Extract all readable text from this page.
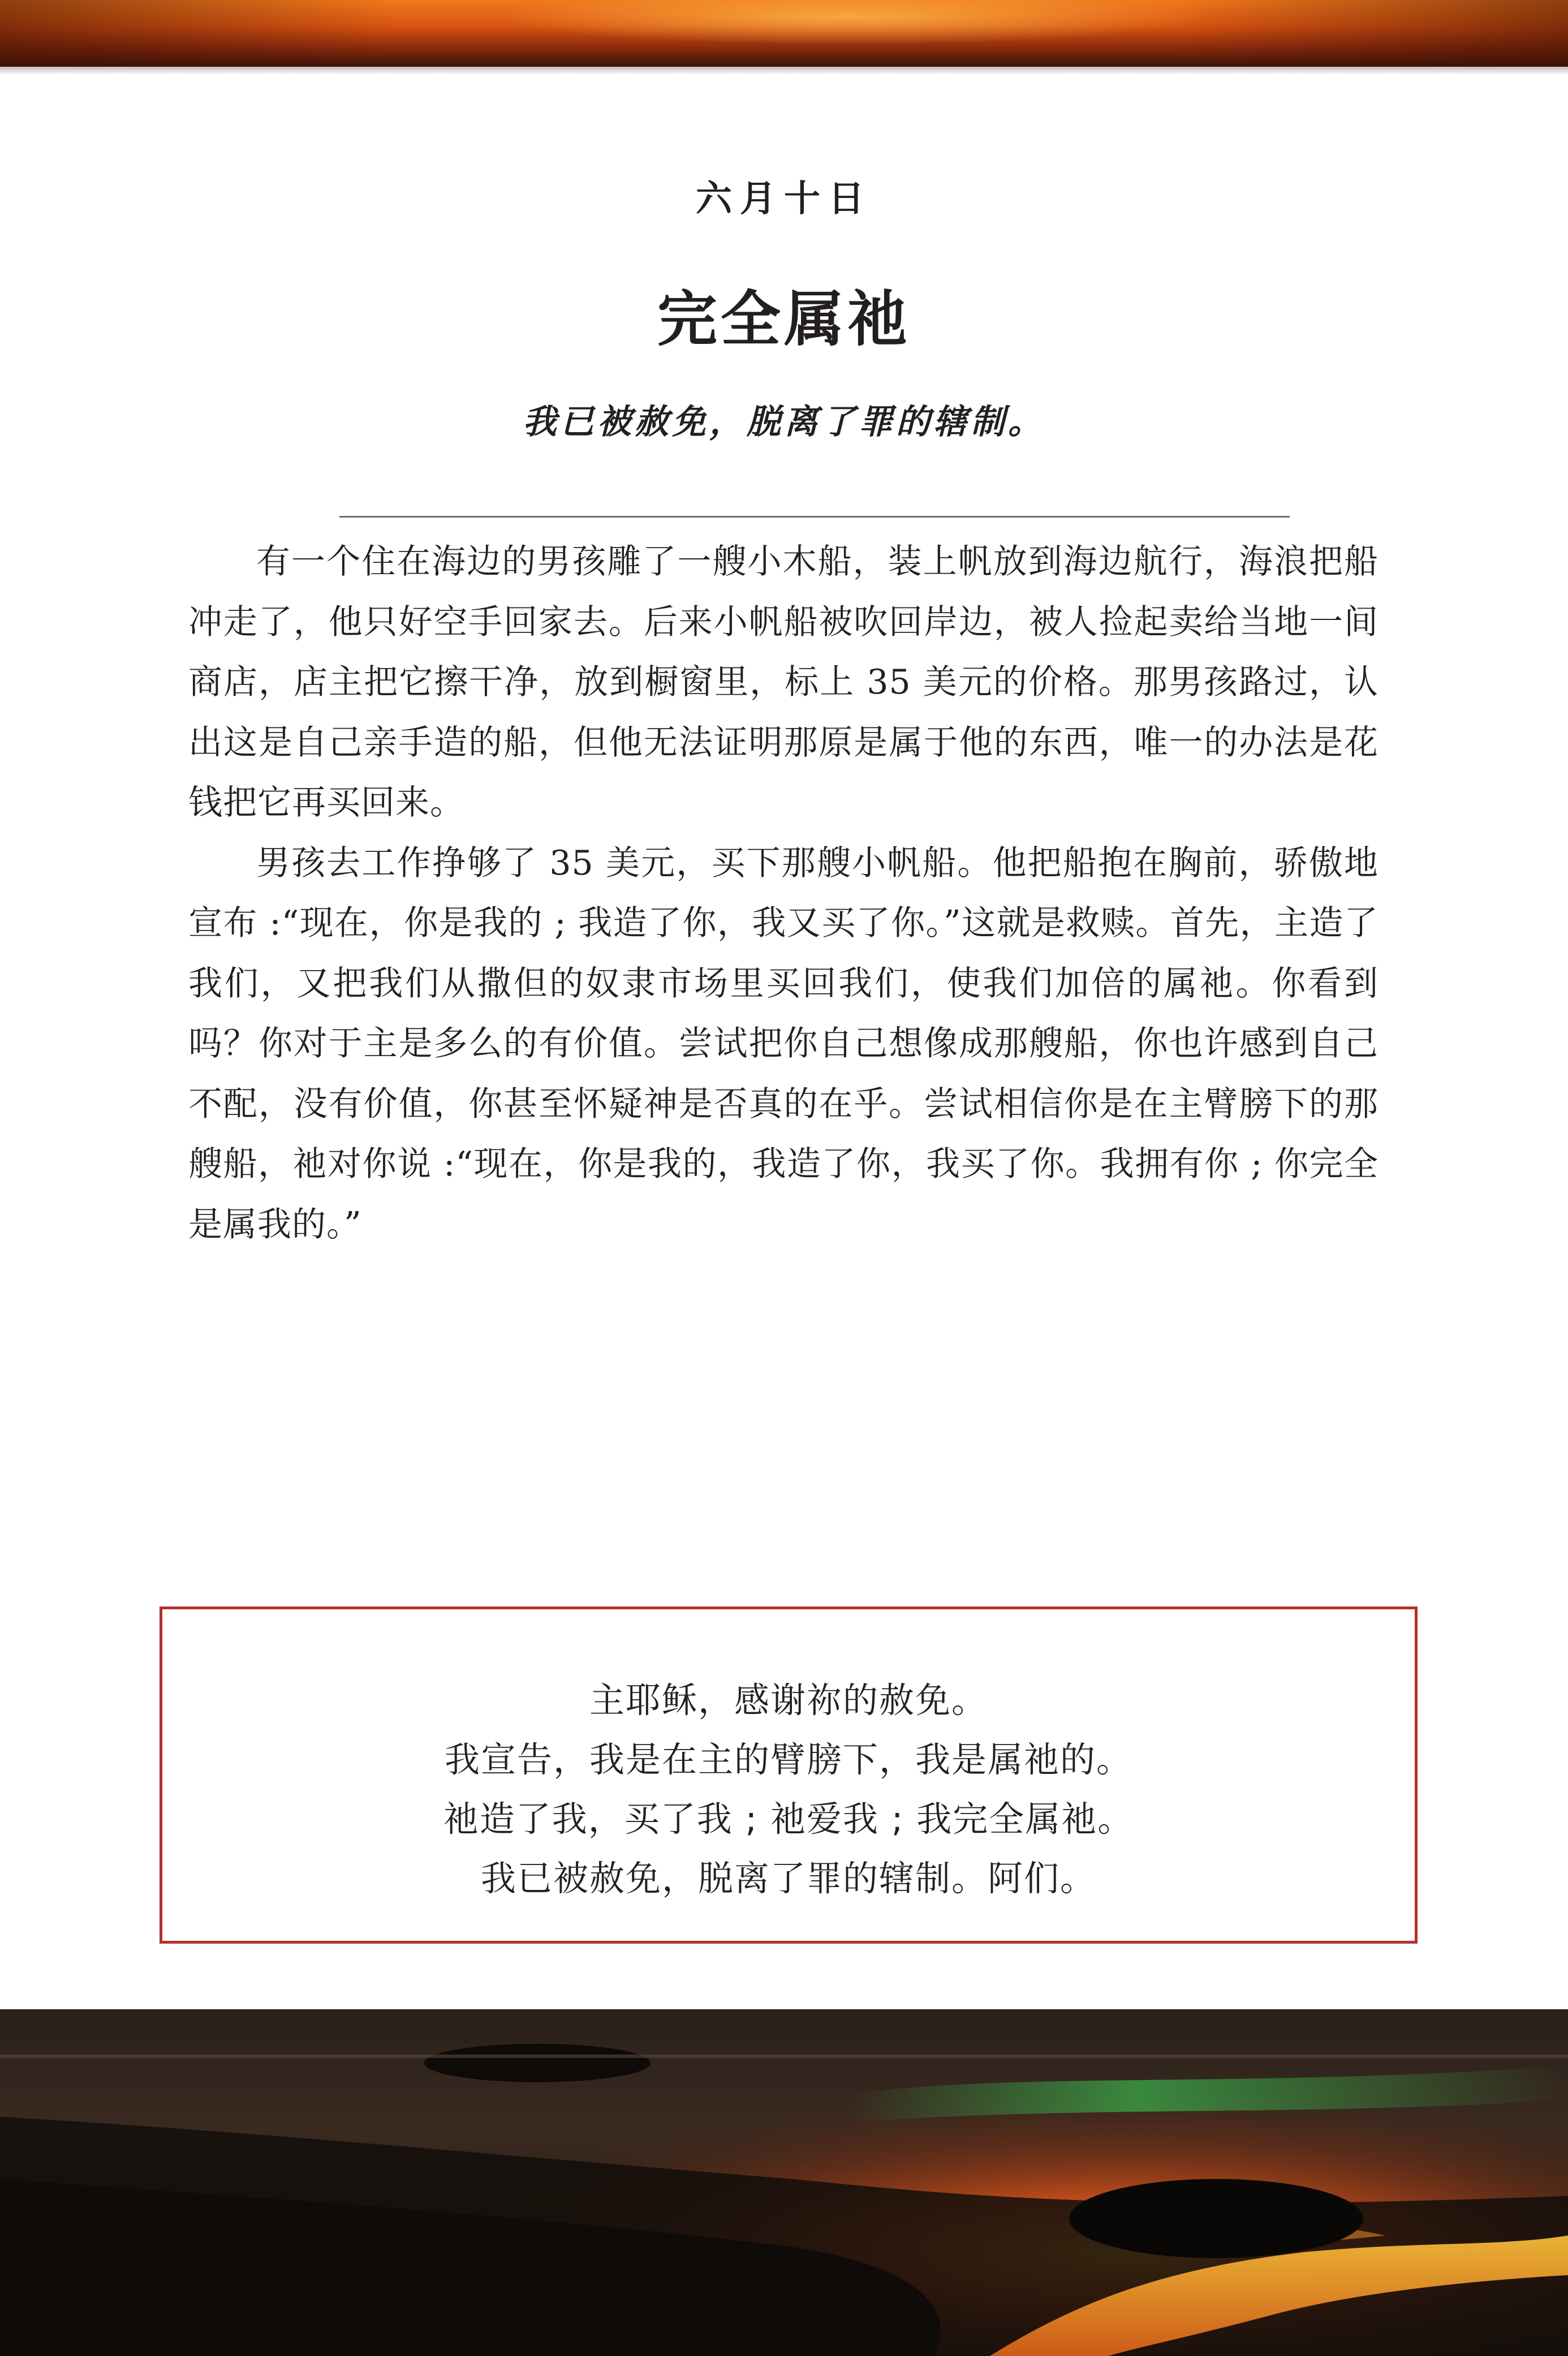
六月十日
完全属祂
我已被赦免，脱离了罪的辖制。

有一个住在海边的男孩雕了一艘小木船，装上帆放到海边航行，海浪把船冲走了，他只好空手回家去。后来小帆船被吹回岸边，被人捡起卖给当地一间商店，店主把它擦干净，放到橱窗里，标上 35 美元的价格。那男孩路过，认出这是自己亲手造的船，但他无法证明那原是属于他的东西，唯一的办法是花钱把它再买回来。

男孩去工作挣够了 35 美元，买下那艘小帆船。他把船抱在胸前，骄傲地宣布 :“现在，你是我的 ; 我造了你，我又买了你。”这就是救赎。首先，主造了我们，又把我们从撒但的奴隶市场里买回我们，使我们加倍的属祂。你看到吗？你对于主是多么的有价值。尝试把你自己想像成那艘船，你也许感到自己不配，没有价值，你甚至怀疑神是否真的在乎。尝试相信你是在主臂膀下的那艘船，祂对你说 :“现在，你是我的，我造了你，我买了你。我拥有你 ; 你完全是属我的。”

主耶稣，感谢祢的赦免。
我宣告，我是在主的臂膀下，我是属祂的。
祂造了我，买了我 ; 祂爱我 ; 我完全属祂。
我已被赦免，脱离了罪的辖制。阿们。
